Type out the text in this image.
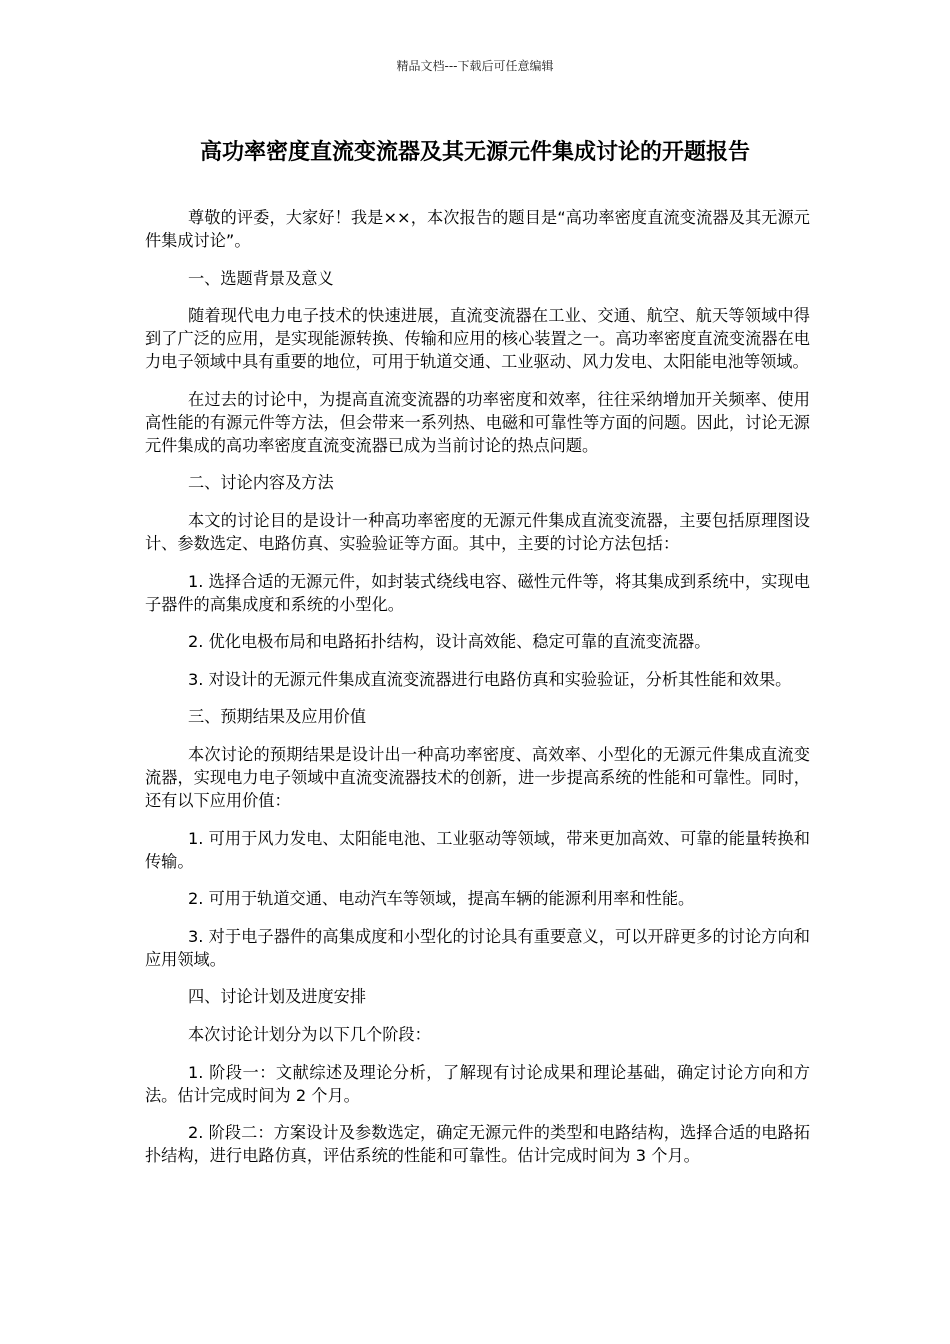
精品文档---下载后可任意编辑
高功率密度直流变流器及其无源元件集成讨论的开题报告

尊敬的评委，大家好！我是××，本次报告的题目是“高功率密度直流变流器及其无源元件集成讨论”。

一、选题背景及意义

随着现代电力电子技术的快速进展，直流变流器在工业、交通、航空、航天等领域中得到了广泛的应用，是实现能源转换、传输和应用的核心装置之一。高功率密度直流变流器在电力电子领域中具有重要的地位，可用于轨道交通、工业驱动、风力发电、太阳能电池等领域。

在过去的讨论中，为提高直流变流器的功率密度和效率，往往采纳增加开关频率、使用高性能的有源元件等方法，但会带来一系列热、电磁和可靠性等方面的问题。因此，讨论无源元件集成的高功率密度直流变流器已成为当前讨论的热点问题。

二、讨论内容及方法

本文的讨论目的是设计一种高功率密度的无源元件集成直流变流器，主要包括原理图设计、参数选定、电路仿真、实验验证等方面。其中，主要的讨论方法包括：

1. 选择合适的无源元件，如封装式绕线电容、磁性元件等，将其集成到系统中，实现电子器件的高集成度和系统的小型化。

2. 优化电极布局和电路拓扑结构，设计高效能、稳定可靠的直流变流器。

3. 对设计的无源元件集成直流变流器进行电路仿真和实验验证，分析其性能和效果。

三、预期结果及应用价值

本次讨论的预期结果是设计出一种高功率密度、高效率、小型化的无源元件集成直流变流器，实现电力电子领域中直流变流器技术的创新，进一步提高系统的性能和可靠性。同时，还有以下应用价值：

1. 可用于风力发电、太阳能电池、工业驱动等领域，带来更加高效、可靠的能量转换和传输。

2. 可用于轨道交通、电动汽车等领域，提高车辆的能源利用率和性能。

3. 对于电子器件的高集成度和小型化的讨论具有重要意义，可以开辟更多的讨论方向和应用领域。

四、讨论计划及进度安排

本次讨论计划分为以下几个阶段：

1. 阶段一：文献综述及理论分析，了解现有讨论成果和理论基础，确定讨论方向和方法。估计完成时间为 2 个月。

2. 阶段二：方案设计及参数选定，确定无源元件的类型和电路结构，选择合适的电路拓扑结构，进行电路仿真，评估系统的性能和可靠性。估计完成时间为 3 个月。
